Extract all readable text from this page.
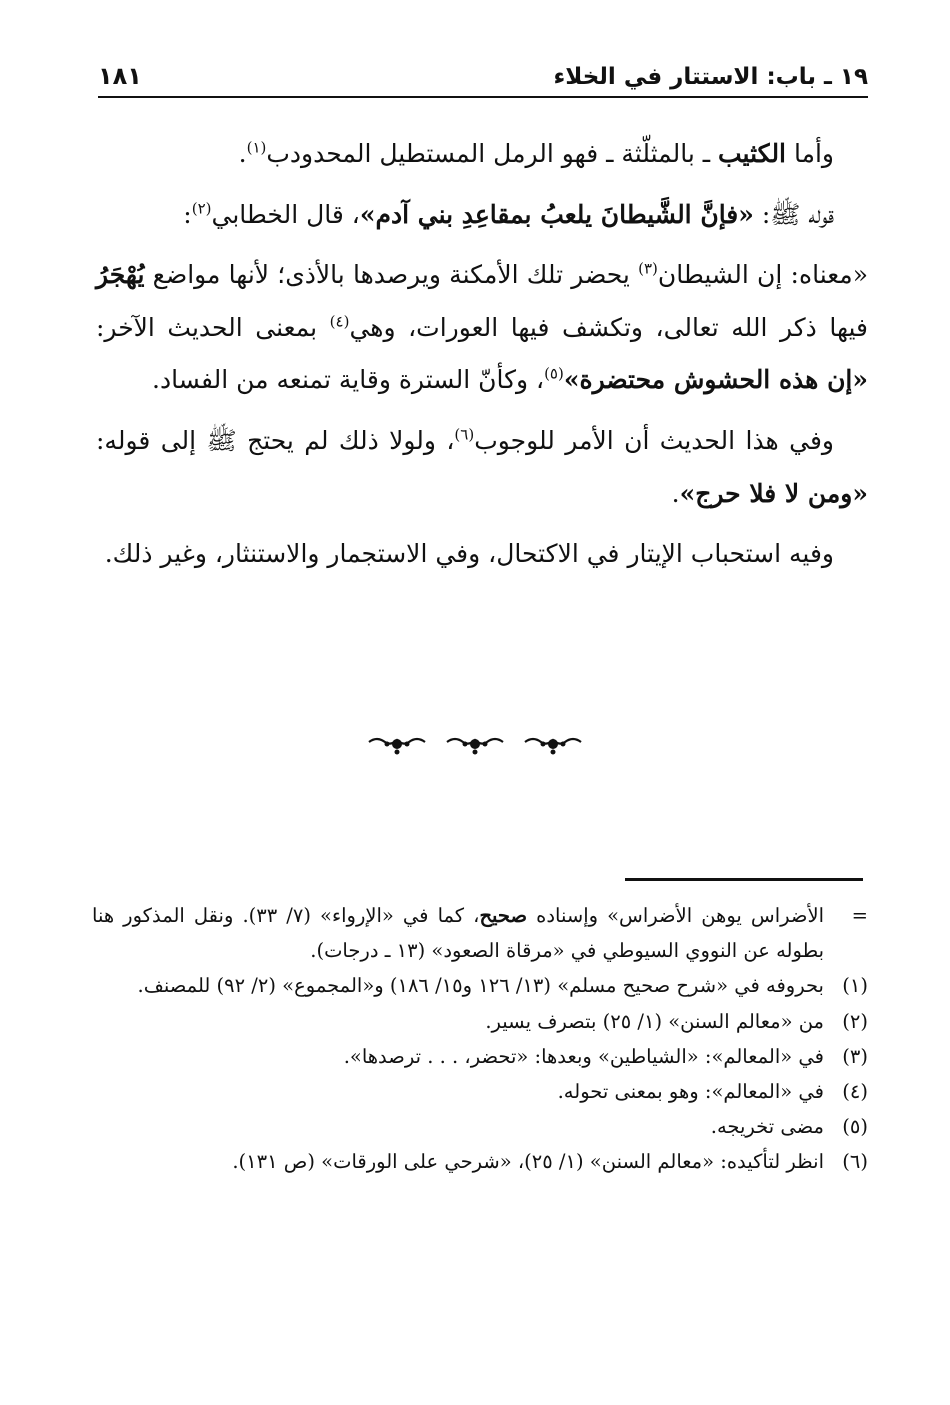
١٨١	١٩ ـ باب: الاستتار في الخلاء

وأما الكثيب ـ بالمثلّثة ـ فهو الرمل المستطيل المحدودب$^{(١)}$.

قوله ﷺ: «فإنَّ الشَّيطانَ يلعبُ بمقاعِدِ بني آدم»، قال الخطابي$^{(٢)}$:

«معناه: إن الشيطان$^{(٣)}$ يحضر تلك الأمكنة ويرصدها بالأذى؛ لأنها مواضع يُهْجَرُ فيها ذكر الله تعالى، وتكشف فيها العورات، وهي$^{(٤)}$ بمعنى الحديث الآخر: «إن هذه الحشوش محتضرة»$^{(٥)}$، وكأنّ السترة وقاية تمنعه من الفساد.

وفي هذا الحديث أن الأمر للوجوب$^{(٦)}$، ولولا ذلك لم يحتج ﷺ إلى قوله: «ومن لا فلا حرج».

وفيه استحباب الإيتار في الاكتحال، وفي الاستجمار والاستنثار، وغير ذلك.

=
الأضراس يوهن الأضراس» وإسناده صحيح، كما في «الإرواء» (٧/ ٣٣). ونقل المذكور هنا بطوله عن النووي السيوطي في «مرقاة الصعود» (١٣ ـ درجات).
(١)
بحروفه في «شرح صحيح مسلم» (١٣/ ١٢٦ و١٥/ ١٨٦) و«المجموع» (٢/ ٩٢) للمصنف.
(٢)
من «معالم السنن» (١/ ٢٥) بتصرف يسير.
(٣)
في «المعالم»: «الشياطين» وبعدها: «تحضر، . . . ترصدها».
(٤)
في «المعالم»: وهو بمعنى تحوله.
(٥)
مضى تخريجه.
(٦)
انظر لتأكيده: «معالم السنن» (١/ ٢٥)، «شرحي على الورقات» (ص ١٣١).
